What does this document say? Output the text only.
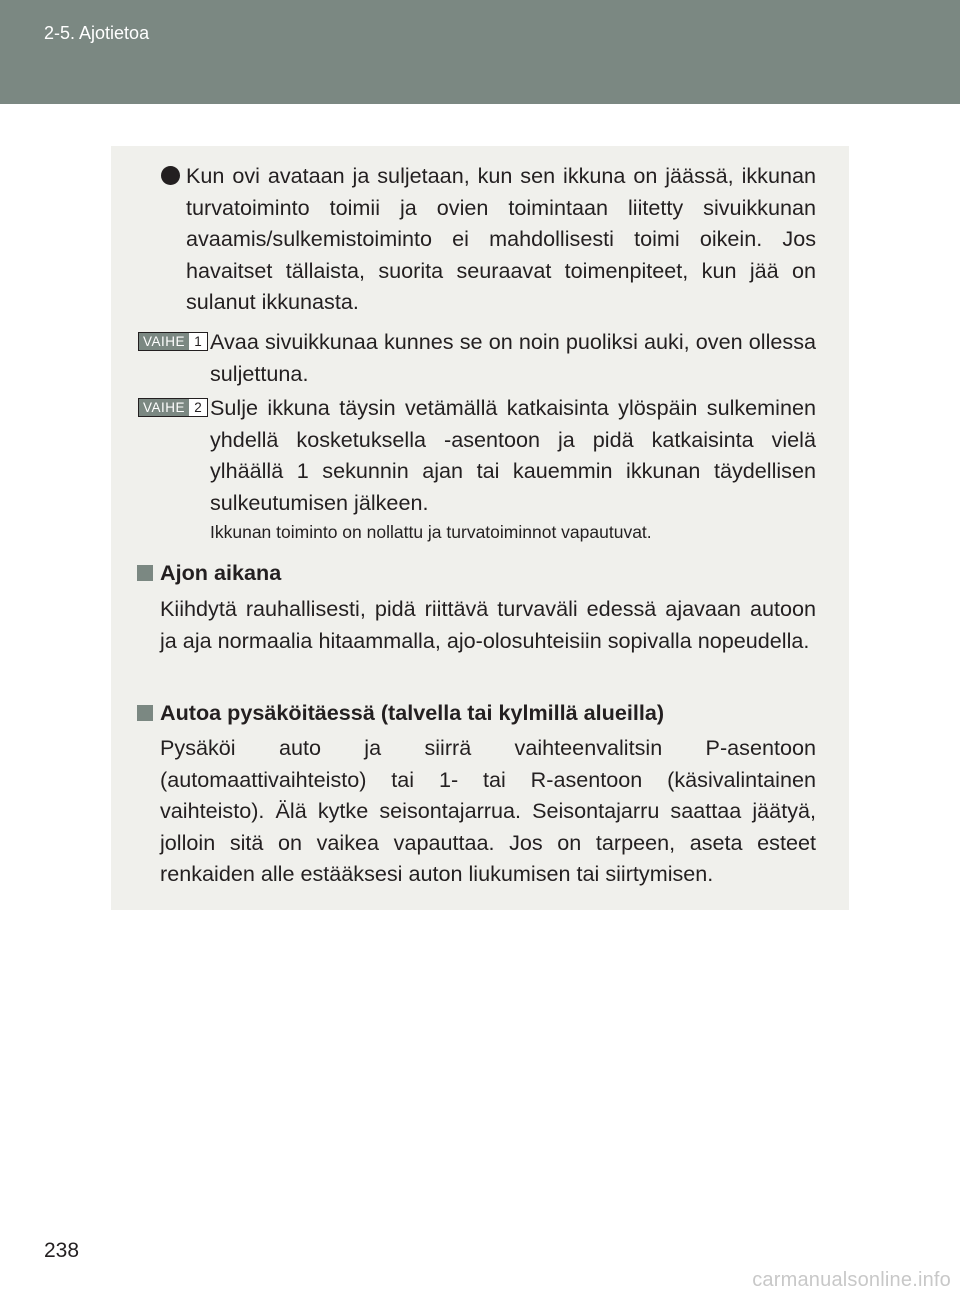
2-5. Ajotietoa
Kun ovi avataan ja suljetaan, kun sen ikkuna on jäässä, ikkunan turvatoiminto toimii ja ovien toimintaan liitetty sivuikkunan avaamis/sulkemistoiminto ei mahdollisesti toimi oikein. Jos havaitset tällaista, suorita seuraavat toimenpiteet, kun jää on sulanut ikkunasta.
VAIHE 1 Avaa sivuikkunaa kunnes se on noin puoliksi auki, oven ollessa suljettuna.
VAIHE 2 Sulje ikkuna täysin vetämällä katkaisinta ylöspäin sulkeminen yhdellä kosketuksella -asentoon ja pidä katkaisinta vielä ylhäällä 1 sekunnin ajan tai kauemmin ikkunan täydellisen sulkeutumisen jälkeen.
Ikkunan toiminto on nollattu ja turvatoiminnot vapautuvat.
Ajon aikana
Kiihdytä rauhallisesti, pidä riittävä turvaväli edessä ajavaan autoon ja aja normaalia hitaammalla, ajo-olosuhteisiin sopivalla nopeudella.
Autoa pysäköitäessä (talvella tai kylmillä alueilla)
Pysäköi auto ja siirrä vaihteenvalitsin P-asentoon (automaattivaihteisto) tai 1- tai R-asentoon (käsivalintainen vaihteisto). Älä kytke seisontajarrua. Seisontajarru saattaa jäätyä, jolloin sitä on vaikea vapauttaa. Jos on tarpeen, aseta esteet renkaiden alle estääksesi auton liukumisen tai siirtymisen.
238
carmanualsonline.info
